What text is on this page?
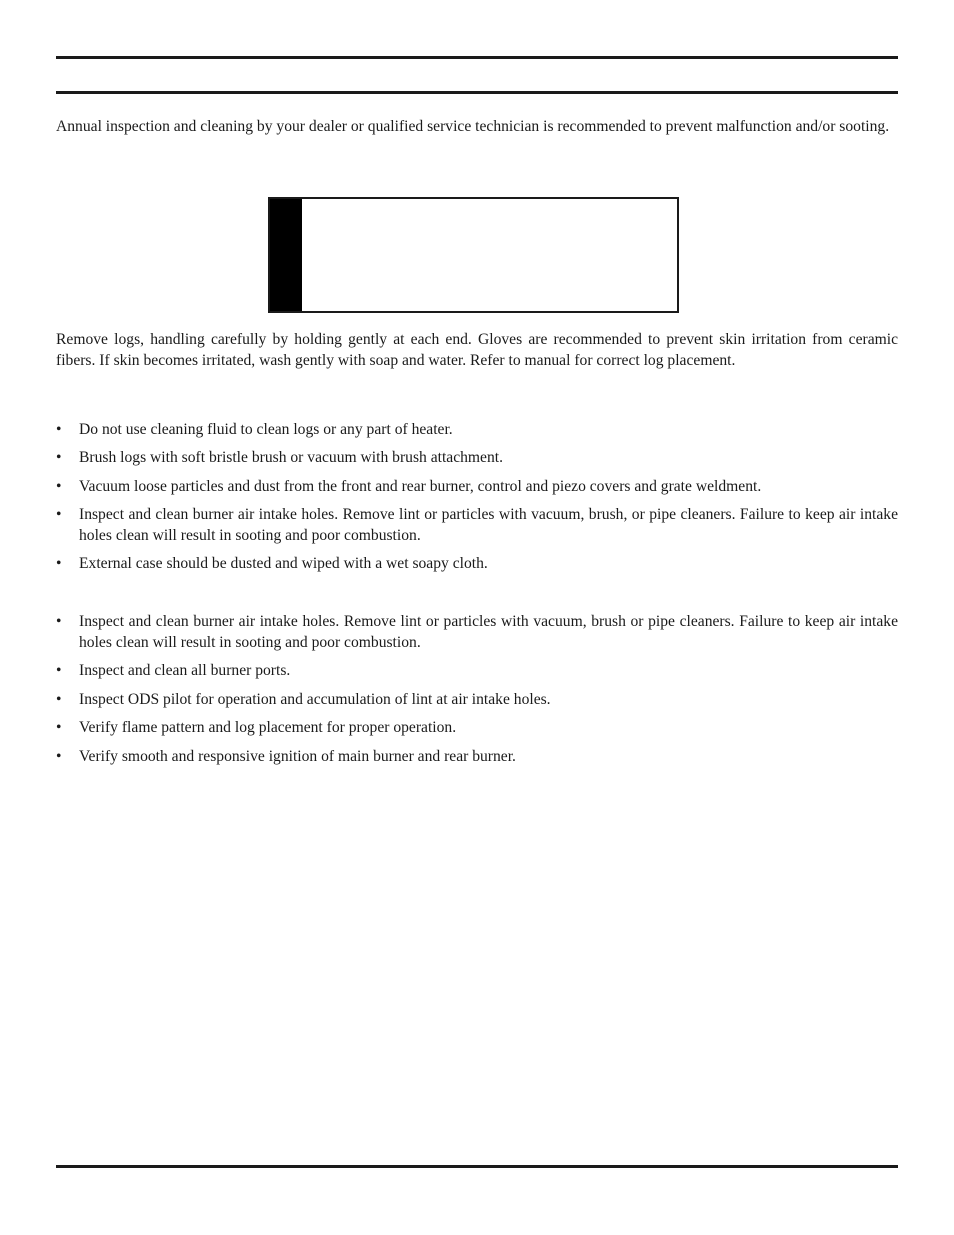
Annual inspection and cleaning by your dealer or qualified service technician is recommended to prevent malfunction and/or sooting.

Remove logs, handling carefully by holding gently at each end. Gloves are recommended to prevent skin irritation from ceramic fibers. If skin becomes irritated, wash gently with soap and water. Refer to manual for correct log placement.

• Do not use cleaning fluid to clean logs or any part of heater.
• Brush logs with soft bristle brush or vacuum with brush attachment.
• Vacuum loose particles and dust from the front and rear burner, control and piezo covers and grate weldment.
• Inspect and clean burner air intake holes. Remove lint or particles with vacuum, brush, or pipe cleaners. Failure to keep air intake holes clean will result in sooting and poor combustion.
• External case should be dusted and wiped with a wet soapy cloth.
• Inspect and clean burner air intake holes. Remove lint or particles with vacuum, brush or pipe cleaners. Failure to keep air intake holes clean will result in sooting and poor combustion.
• Inspect and clean all burner ports.
• Inspect ODS pilot for operation and accumulation of lint at air intake holes.
• Verify flame pattern and log placement for proper operation.
• Verify smooth and responsive ignition of main burner and rear burner.
